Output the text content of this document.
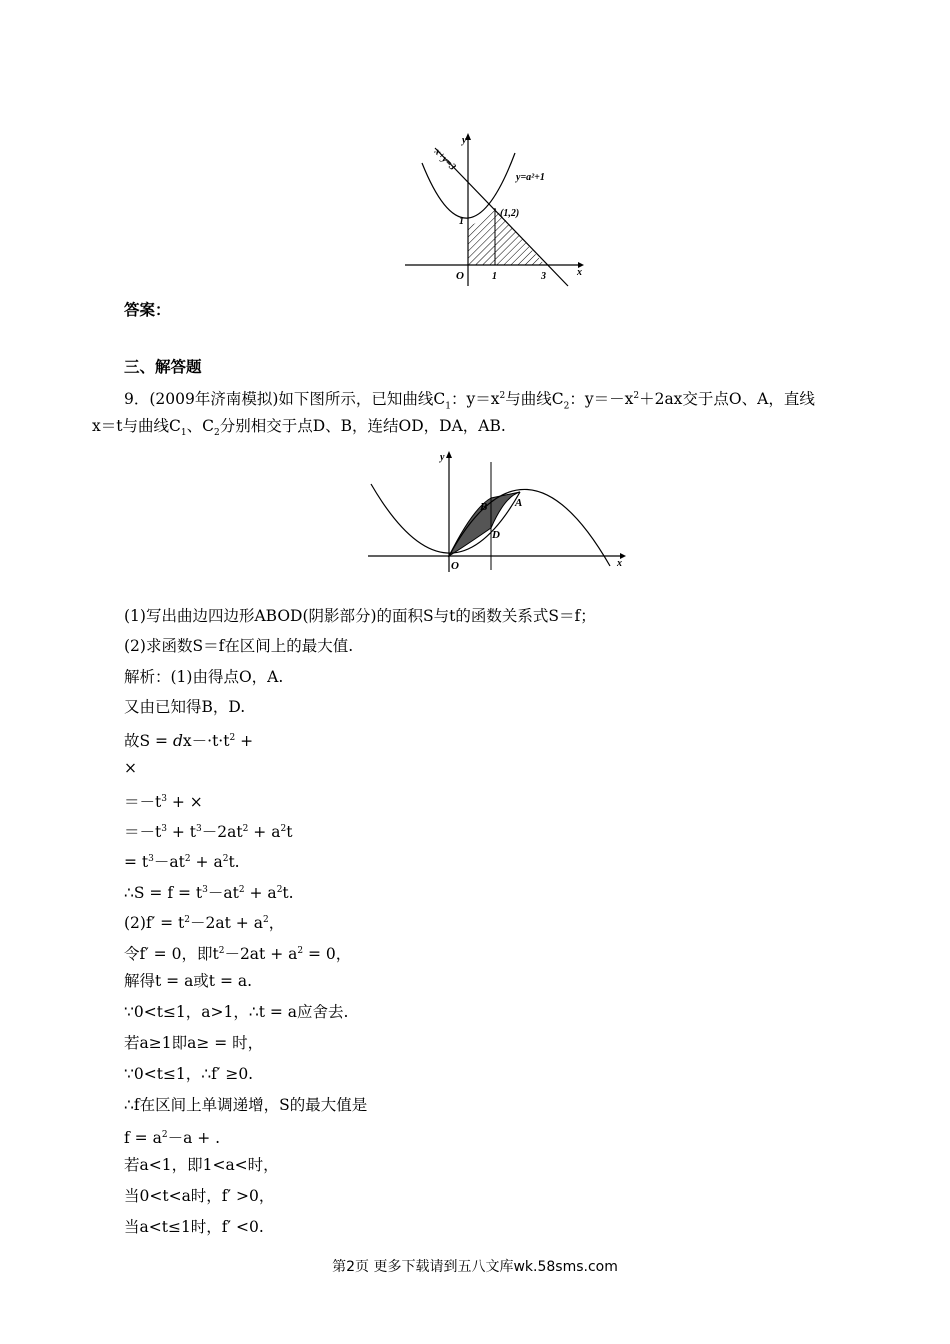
y
x
x+y=3
y=a²+1
(1,2)
O
1
1	3
答案：
三、解答题
9．(2009年济南模拟)如下图所示，已知曲线$C_1$：$y=x^2$与曲线$C_2$：$y=-x^2+2ax$交于点O、A，直线
x＝t与曲线$C_1$、$C_2$分别相交于点D、B，连结OD，DA，AB.
y
x
O
B	A
D
(1)写出曲边四边形ABOD(阴影部分)的面积S与t的函数关系式S＝f；
(2)求函数S＝f在区间上的最大值.
解析：(1)由得点O，A.
又由已知得B，D.
故$S = dx-\cdot t\cdot t^2$ +
×
$=-t^3$ + ×
$=-t^3 + t^3-2at^2 + a^2t$
= $t^3-at^2 + a^2t$.
∴S = $f = t^3-at^2 + a^2t$.
$(2)f' = t^2-2at + a^2$，
令f′ = 0，即$t^2-2at + a^2 = 0$，
解得t = a或t = a.
∵0<t≤1，a>1，∴t = a应舍去.
若a≥1即a≥ = 时，
∵0<t≤1，∴f′ ≥0.
∴f在区间上单调递增，S的最大值是
$f = a^2-a$ + .
若a<1，即1<a<时，
当0<t<a时，f′ >0，
当a<t≤1时，f′ <0.
第2页 更多下载请到五八文库wk.58sms.com
